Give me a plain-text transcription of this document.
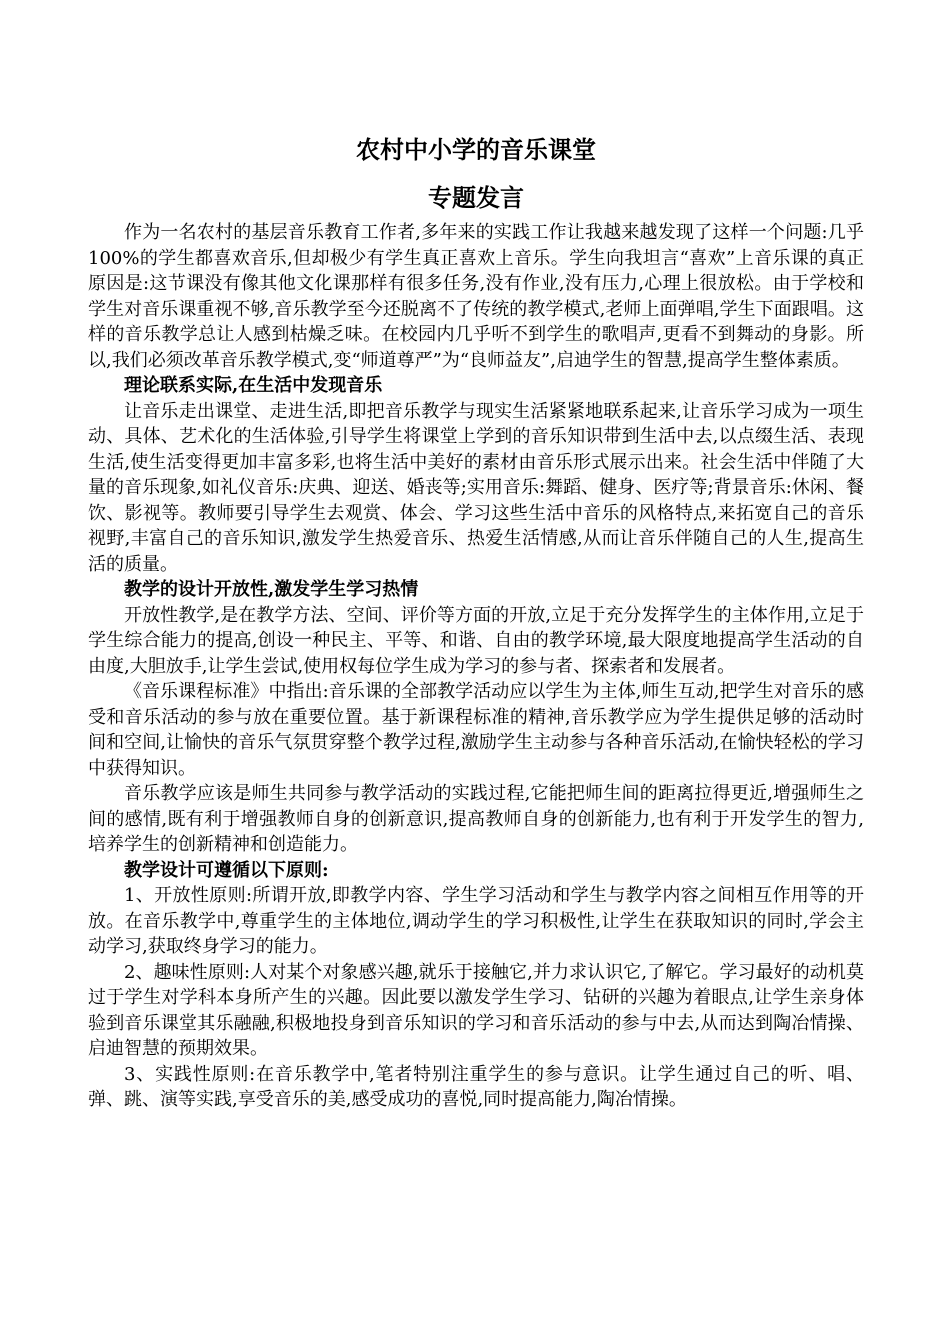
农村中小学的音乐课堂
专题发言

作为一名农村的基层音乐教育工作者,多年来的实践工作让我越来越发现了这样一个问题:几乎100%的学生都喜欢音乐,但却极少有学生真正喜欢上音乐。学生向我坦言“喜欢”上音乐课的真正原因是:这节课没有像其他文化课那样有很多任务,没有作业,没有压力,心理上很放松。由于学校和学生对音乐课重视不够,音乐教学至今还脱离不了传统的教学模式,老师上面弹唱,学生下面跟唱。这样的音乐教学总让人感到枯燥乏味。在校园内几乎听不到学生的歌唱声,更看不到舞动的身影。所以,我们必须改革音乐教学模式,变“师道尊严”为“良师益友”,启迪学生的智慧,提高学生整体素质。

理论联系实际,在生活中发现音乐

让音乐走出课堂、走进生活,即把音乐教学与现实生活紧紧地联系起来,让音乐学习成为一项生动、具体、艺术化的生活体验,引导学生将课堂上学到的音乐知识带到生活中去,以点缀生活、表现生活,使生活变得更加丰富多彩,也将生活中美好的素材由音乐形式展示出来。社会生活中伴随了大量的音乐现象,如礼仪音乐:庆典、迎送、婚丧等;实用音乐:舞蹈、健身、医疗等;背景音乐:休闲、餐饮、影视等。教师要引导学生去观赏、体会、学习这些生活中音乐的风格特点,来拓宽自己的音乐视野,丰富自己的音乐知识,激发学生热爱音乐、热爱生活情感,从而让音乐伴随自己的人生,提高生活的质量。

教学的设计开放性,激发学生学习热情

开放性教学,是在教学方法、空间、评价等方面的开放,立足于充分发挥学生的主体作用,立足于学生综合能力的提高,创设一种民主、平等、和谐、自由的教学环境,最大限度地提高学生活动的自由度,大胆放手,让学生尝试,使用权每位学生成为学习的参与者、探索者和发展者。

《音乐课程标准》中指出:音乐课的全部教学活动应以学生为主体,师生互动,把学生对音乐的感受和音乐活动的参与放在重要位置。基于新课程标准的精神,音乐教学应为学生提供足够的活动时间和空间,让愉快的音乐气氛贯穿整个教学过程,激励学生主动参与各种音乐活动,在愉快轻松的学习中获得知识。

音乐教学应该是师生共同参与教学活动的实践过程,它能把师生间的距离拉得更近,增强师生之间的感情,既有利于增强教师自身的创新意识,提高教师自身的创新能力,也有利于开发学生的智力,培养学生的创新精神和创造能力。

教学设计可遵循以下原则:

1、开放性原则:所谓开放,即教学内容、学生学习活动和学生与教学内容之间相互作用等的开放。在音乐教学中,尊重学生的主体地位,调动学生的学习积极性,让学生在获取知识的同时,学会主动学习,获取终身学习的能力。

2、趣味性原则:人对某个对象感兴趣,就乐于接触它,并力求认识它,了解它。学习最好的动机莫过于学生对学科本身所产生的兴趣。因此要以激发学生学习、钻研的兴趣为着眼点,让学生亲身体验到音乐课堂其乐融融,积极地投身到音乐知识的学习和音乐活动的参与中去,从而达到陶冶情操、启迪智慧的预期效果。

3、实践性原则:在音乐教学中,笔者特别注重学生的参与意识。让学生通过自己的听、唱、弹、跳、演等实践,享受音乐的美,感受成功的喜悦,同时提高能力,陶冶情操。
